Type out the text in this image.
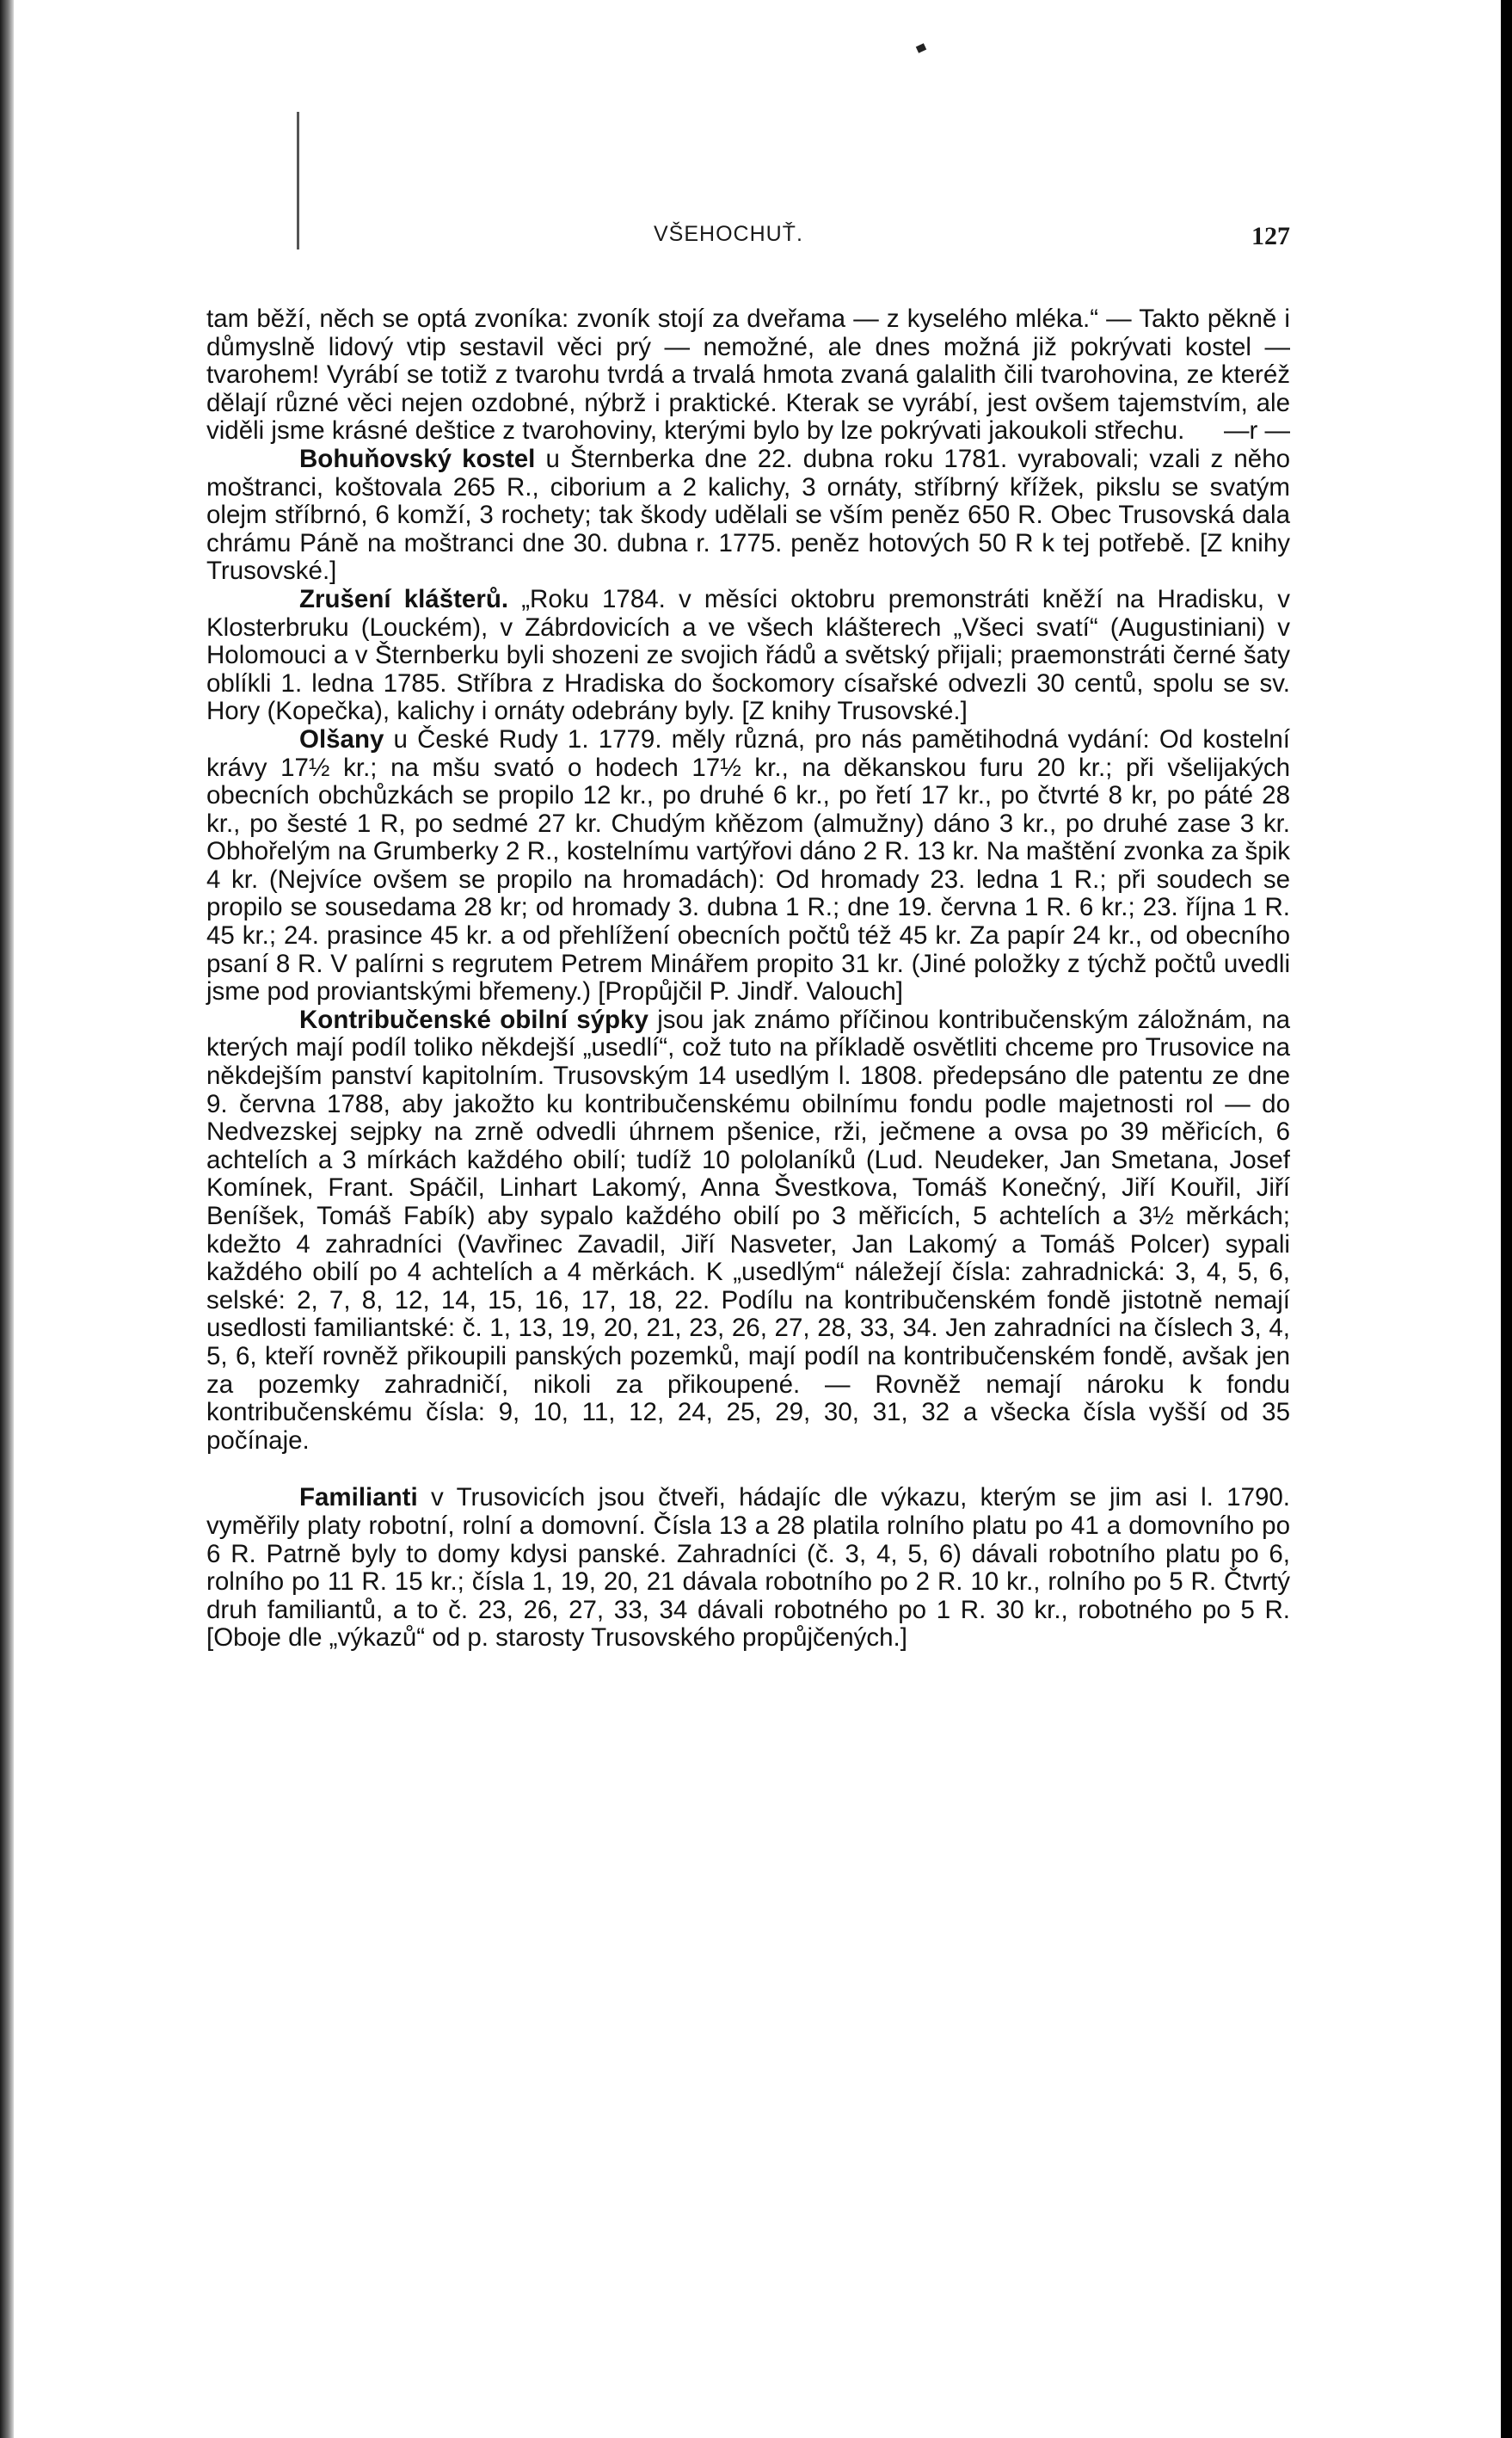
VŠEHOCHUŤ.	127

tam běží, něch se optá zvoníka: zvoník stojí za dveřama — z kyselého mléka.“ — Takto pěkně i důmyslně lidový vtip sestavil věci prý — nemožné, ale dnes možná již pokrývati kostel — tvarohem! Vyrábí se totiž z tvarohu tvrdá a trvalá hmota zvaná galalith čili tvarohovina, ze kteréž dělají různé věci nejen ozdobné, nýbrž i praktické. Kterak se vyrábí, jest ovšem tajemstvím, ale viděli jsme krásné deštice z tvarohoviny, kterými bylo by lze pokrývati jakoukoli střechu. —r —

Bohuňovský kostel u Šternberka dne 22. dubna roku 1781. vyrabovali; vzali z něho moštranci, koštovala 265 R., ciborium a 2 kalichy, 3 ornáty, stříbrný křížek, pikslu se svatým olejm stříbrnó, 6 komží, 3 rochety; tak škody udělali se vším peněz 650 R. Obec Trusovská dala chrámu Páně na moštranci dne 30. dubna r. 1775. peněz hotových 50 R k tej potřebě. [Z knihy Trusovské.]

Zrušení klášterů. „Roku 1784. v měsíci oktobru premonstráti kněží na Hradisku, v Klosterbruku (Louckém), v Zábrdovicích a ve všech klášterech „Všeci svatí“ (Augustiniani) v Holomouci a v Šternberku byli shozeni ze svojich řádů a světský přijali; praemonstráti černé šaty oblíkli 1. ledna 1785. Stříbra z Hradiska do šockomory císařské odvezli 30 centů, spolu se sv. Hory (Kopečka), kalichy i ornáty odebrány byly. [Z knihy Trusovské.]

Olšany u České Rudy 1. 1779. měly různá, pro nás pamětihodná vydání: Od kostelní krávy 17½ kr.; na mšu svató o hodech 17½ kr., na děkanskou furu 20 kr.; při všelijakých obecních obchůzkách se propilo 12 kr., po druhé 6 kr., po řetí 17 kr., po čtvrté 8 kr, po páté 28 kr., po šesté 1 R, po sedmé 27 kr. Chudým kňězom (almužny) dáno 3 kr., po druhé zase 3 kr. Obhořelým na Grumberky 2 R., kostelnímu vartýřovi dáno 2 R. 13 kr. Na maštění zvonka za špik 4 kr. (Nejvíce ovšem se propilo na hromadách): Od hromady 23. ledna 1 R.; při soudech se propilo se sousedama 28 kr; od hromady 3. dubna 1 R.; dne 19. června 1 R. 6 kr.; 23. října 1 R. 45 kr.; 24. prasince 45 kr. a od přehlížení obecních počtů též 45 kr. Za papír 24 kr., od obecního psaní 8 R. V palírni s regrutem Petrem Minářem propito 31 kr. (Jiné položky z týchž počtů uvedli jsme pod proviantskými břemeny.) [Propůjčil P. Jindř. Valouch]

Kontribučenské obilní sýpky jsou jak známo příčinou kontribučenským záložnám, na kterých mají podíl toliko někdejší „usedlí“, což tuto na příkladě osvětliti chceme pro Trusovice na někdejším panství kapitolním. Trusovským 14 usedlým l. 1808. předepsáno dle patentu ze dne 9. června 1788, aby jakožto ku kontribučenskému obilnímu fondu podle majetnosti rol — do Nedvezskej sejpky na zrně odvedli úhrnem pšenice, rži, ječmene a ovsa po 39 měřicích, 6 achtelích a 3 mírkách každého obilí; tudíž 10 pololaníků (Lud. Neudeker, Jan Smetana, Josef Komínek, Frant. Spáčil, Linhart Lakomý, Anna Švestkova, Tomáš Konečný, Jiří Kouřil, Jiří Beníšek, Tomáš Fabík) aby sypalo každého obilí po 3 měřicích, 5 achtelích a 3½ měrkách; kdežto 4 zahradníci (Vavřinec Zavadil, Jiří Nasveter, Jan Lakomý a Tomáš Polcer) sypali každého obilí po 4 achtelích a 4 měrkách. K „usedlým“ náležejí čísla: zahradnická: 3, 4, 5, 6, selské: 2, 7, 8, 12, 14, 15, 16, 17, 18, 22. Podílu na kontribučenském fondě jistotně nemají usedlosti familiantské: č. 1, 13, 19, 20, 21, 23, 26, 27, 28, 33, 34. Jen zahradníci na číslech 3, 4, 5, 6, kteří rovněž přikoupili panských pozemků, mají podíl na kontribučenském fondě, avšak jen za pozemky zahradničí, nikoli za přikoupené. — Rovněž nemají nároku k fondu kontribučenskému čísla: 9, 10, 11, 12, 24, 25, 29, 30, 31, 32 a všecka čísla vyšší od 35 počínaje.

Familianti v Trusovicích jsou čtveři, hádajíc dle výkazu, kterým se jim asi l. 1790. vyměřily platy robotní, rolní a domovní. Čísla 13 a 28 platila rolního platu po 41 a domovního po 6 R. Patrně byly to domy kdysi panské. Zahradníci (č. 3, 4, 5, 6) dávali robotního platu po 6, rolního po 11 R. 15 kr.; čísla 1, 19, 20, 21 dávala robotního po 2 R. 10 kr., rolního po 5 R. Čtvrtý druh familiantů, a to č. 23, 26, 27, 33, 34 dávali robotného po 1 R. 30 kr., robotného po 5 R. [Oboje dle „výkazů“ od p. starosty Trusovského propůjčených.]
